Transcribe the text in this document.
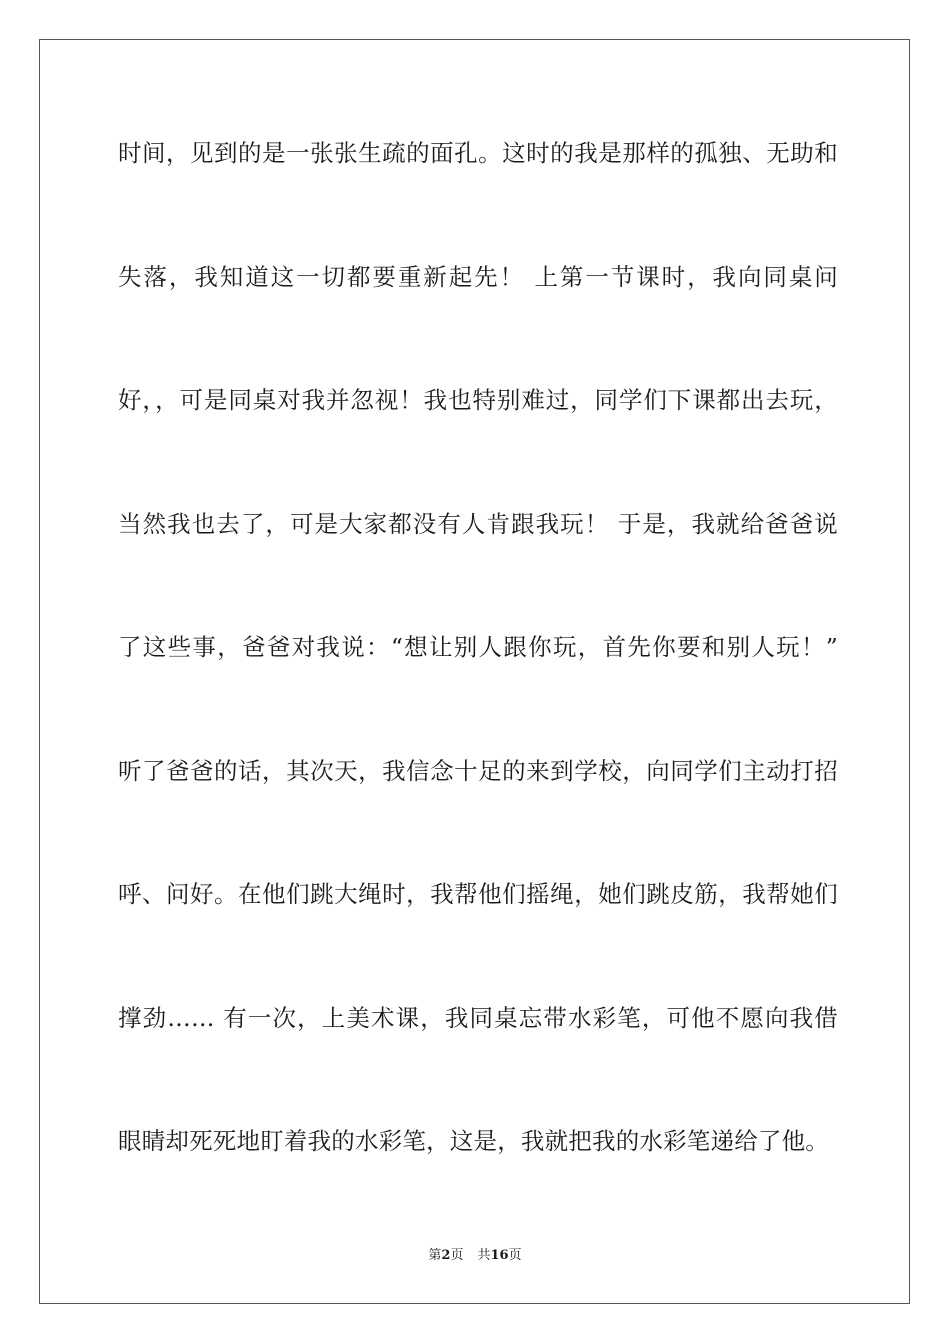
时间，见到的是一张张生疏的面孔。这时的我是那样的孤独、无助和
失落，我知道这一切都要重新起先！ 上第一节课时，我向同桌问
好，，可是同桌对我并忽视！我也特别难过，同学们下课都出去玩，
当然我也去了，可是大家都没有人肯跟我玩！ 于是，我就给爸爸说
了这些事，爸爸对我说：“想让别人跟你玩，首先你要和别人玩！”
听了爸爸的话，其次天，我信念十足的来到学校，向同学们主动打招
呼、问好。在他们跳大绳时，我帮他们摇绳，她们跳皮筋，我帮她们
撑劲…… 有一次，上美术课，我同桌忘带水彩笔，可他不愿向我借
眼睛却死死地盯着我的水彩笔，这是，我就把我的水彩笔递给了他。
第2页 共16页
